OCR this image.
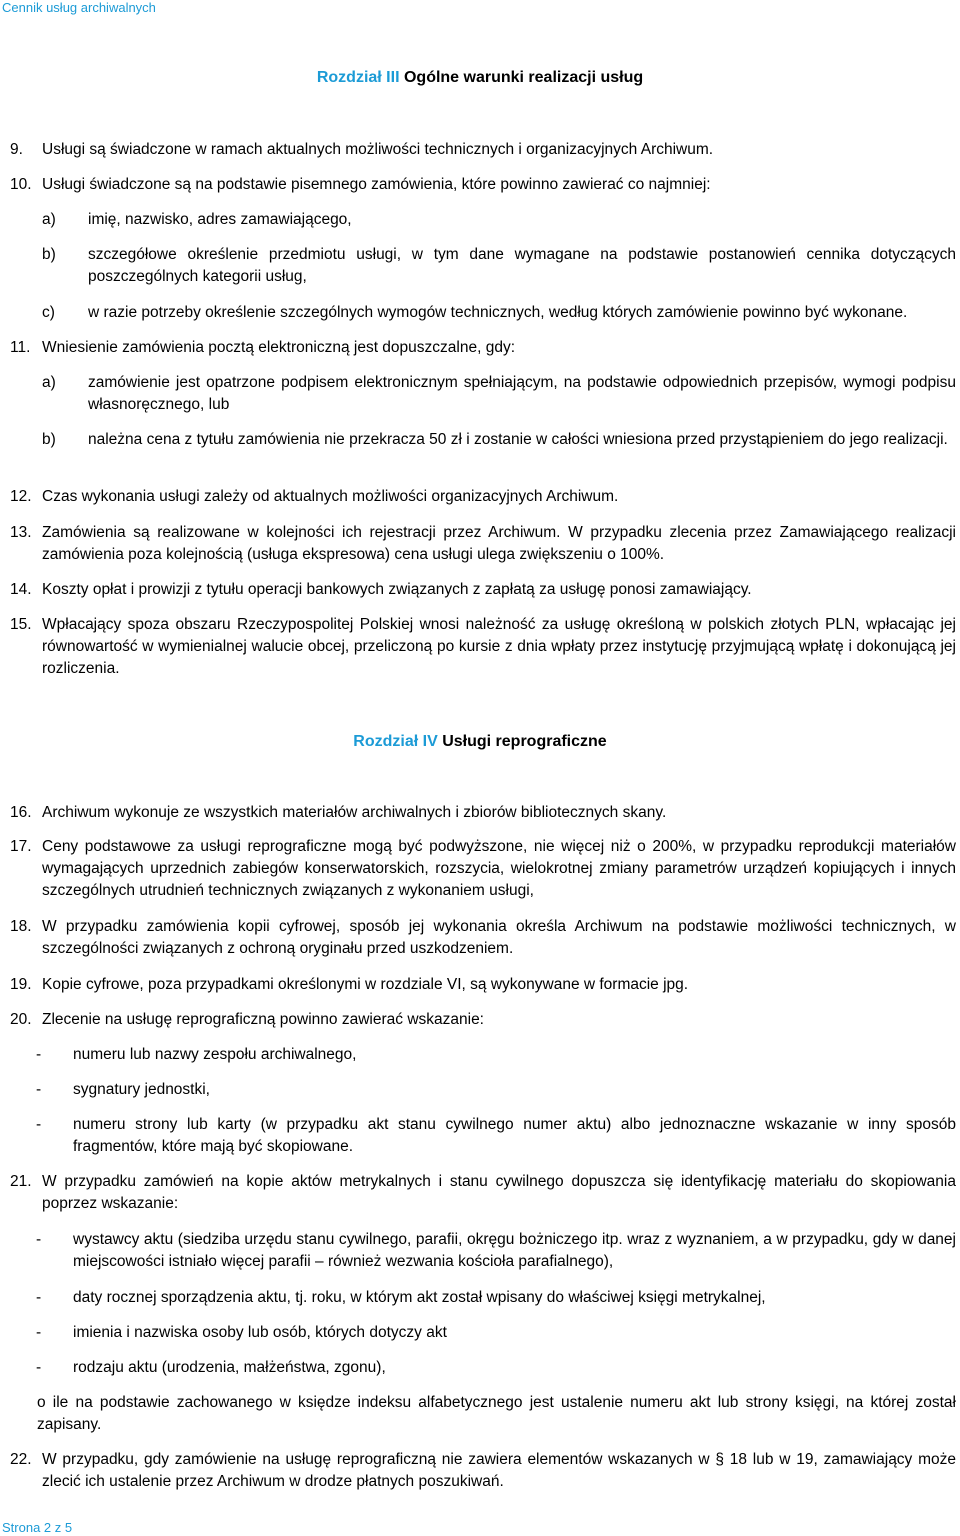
Cennik usług archiwalnych
Rozdział III Ogólne warunki realizacji usług
9.	Usługi są świadczone w ramach aktualnych możliwości technicznych i organizacyjnych Archiwum.
10. Usługi świadczone są na podstawie pisemnego zamówienia, które powinno zawierać co najmniej:
a) imię, nazwisko, adres zamawiającego,
b) szczegółowe określenie przedmiotu usługi, w tym dane wymagane na podstawie postanowień cennika dotyczących poszczególnych kategorii usług,
c) w razie potrzeby określenie szczególnych wymogów technicznych, według których zamówienie powinno być wykonane.
11. Wniesienie zamówienia pocztą elektroniczną jest dopuszczalne, gdy:
a) zamówienie jest opatrzone podpisem elektronicznym spełniającym, na podstawie odpowiednich przepisów, wymogi podpisu własnoręcznego, lub
b) należna cena z tytułu zamówienia nie przekracza 50 zł i zostanie w całości wniesiona przed przystąpieniem do jego realizacji.
12. Czas wykonania usługi zależy od aktualnych możliwości organizacyjnych Archiwum.
13. Zamówienia są realizowane w kolejności ich rejestracji przez Archiwum. W przypadku zlecenia przez Zamawiającego realizacji zamówienia poza kolejnością (usługa ekspresowa) cena usługi ulega zwiększeniu o 100%.
14. Koszty opłat i prowizji z tytułu operacji bankowych związanych z zapłatą za usługę ponosi zamawiający.
15. Wpłacający spoza obszaru Rzeczypospolitej Polskiej wnosi należność za usługę określoną w polskich złotych PLN, wpłacając jej równowartość w wymienialnej walucie obcej, przeliczoną po kursie z dnia wpłaty przez instytucję przyjmującą wpłatę i dokonującą jej rozliczenia.
Rozdział IV Usługi reprograficzne
16. Archiwum wykonuje ze wszystkich materiałów archiwalnych i zbiorów bibliotecznych skany.
17. Ceny podstawowe za usługi reprograficzne mogą być podwyższone, nie więcej niż o 200%, w przypadku reprodukcji materiałów wymagających uprzednich zabiegów konserwatorskich, rozszycia, wielokrotnej zmiany parametrów urządzeń kopiujących i innych szczególnych utrudnień technicznych związanych z wykonaniem usługi,
18. W przypadku zamówienia kopii cyfrowej, sposób jej wykonania określa Archiwum na podstawie możliwości technicznych, w szczególności związanych z ochroną oryginału przed uszkodzeniem.
19. Kopie cyfrowe, poza przypadkami określonymi w rozdziale VI, są wykonywane w formacie jpg.
20. Zlecenie na usługę reprograficzną powinno zawierać wskazanie:
- numeru lub nazwy zespołu archiwalnego,
- sygnatury jednostki,
- numeru strony lub karty (w przypadku akt stanu cywilnego numer aktu) albo jednoznaczne wskazanie w inny sposób fragmentów, które mają być skopiowane.
21. W przypadku zamówień na kopie aktów metrykalnych i stanu cywilnego dopuszcza się identyfikację materiału do skopiowania poprzez wskazanie:
- wystawcy aktu (siedziba urzędu stanu cywilnego, parafii, okręgu bożniczego itp. wraz z wyznaniem, a w przypadku, gdy w danej miejscowości istniało więcej parafii – również wezwania kościoła parafialnego),
- daty rocznej sporządzenia aktu, tj. roku, w którym akt został wpisany do właściwej księgi metrykalnej,
- imienia i nazwiska osoby lub osób, których dotyczy akt
- rodzaju aktu (urodzenia, małżeństwa, zgonu),
o ile na podstawie zachowanego w księdze indeksu alfabetycznego jest ustalenie numeru akt lub strony księgi, na której został zapisany.
22. W przypadku, gdy zamówienie na usługę reprograficzną nie zawiera elementów wskazanych w § 18 lub w 19, zamawiający może zlecić ich ustalenie przez Archiwum w drodze płatnych poszukiwań.
Strona 2 z 5
